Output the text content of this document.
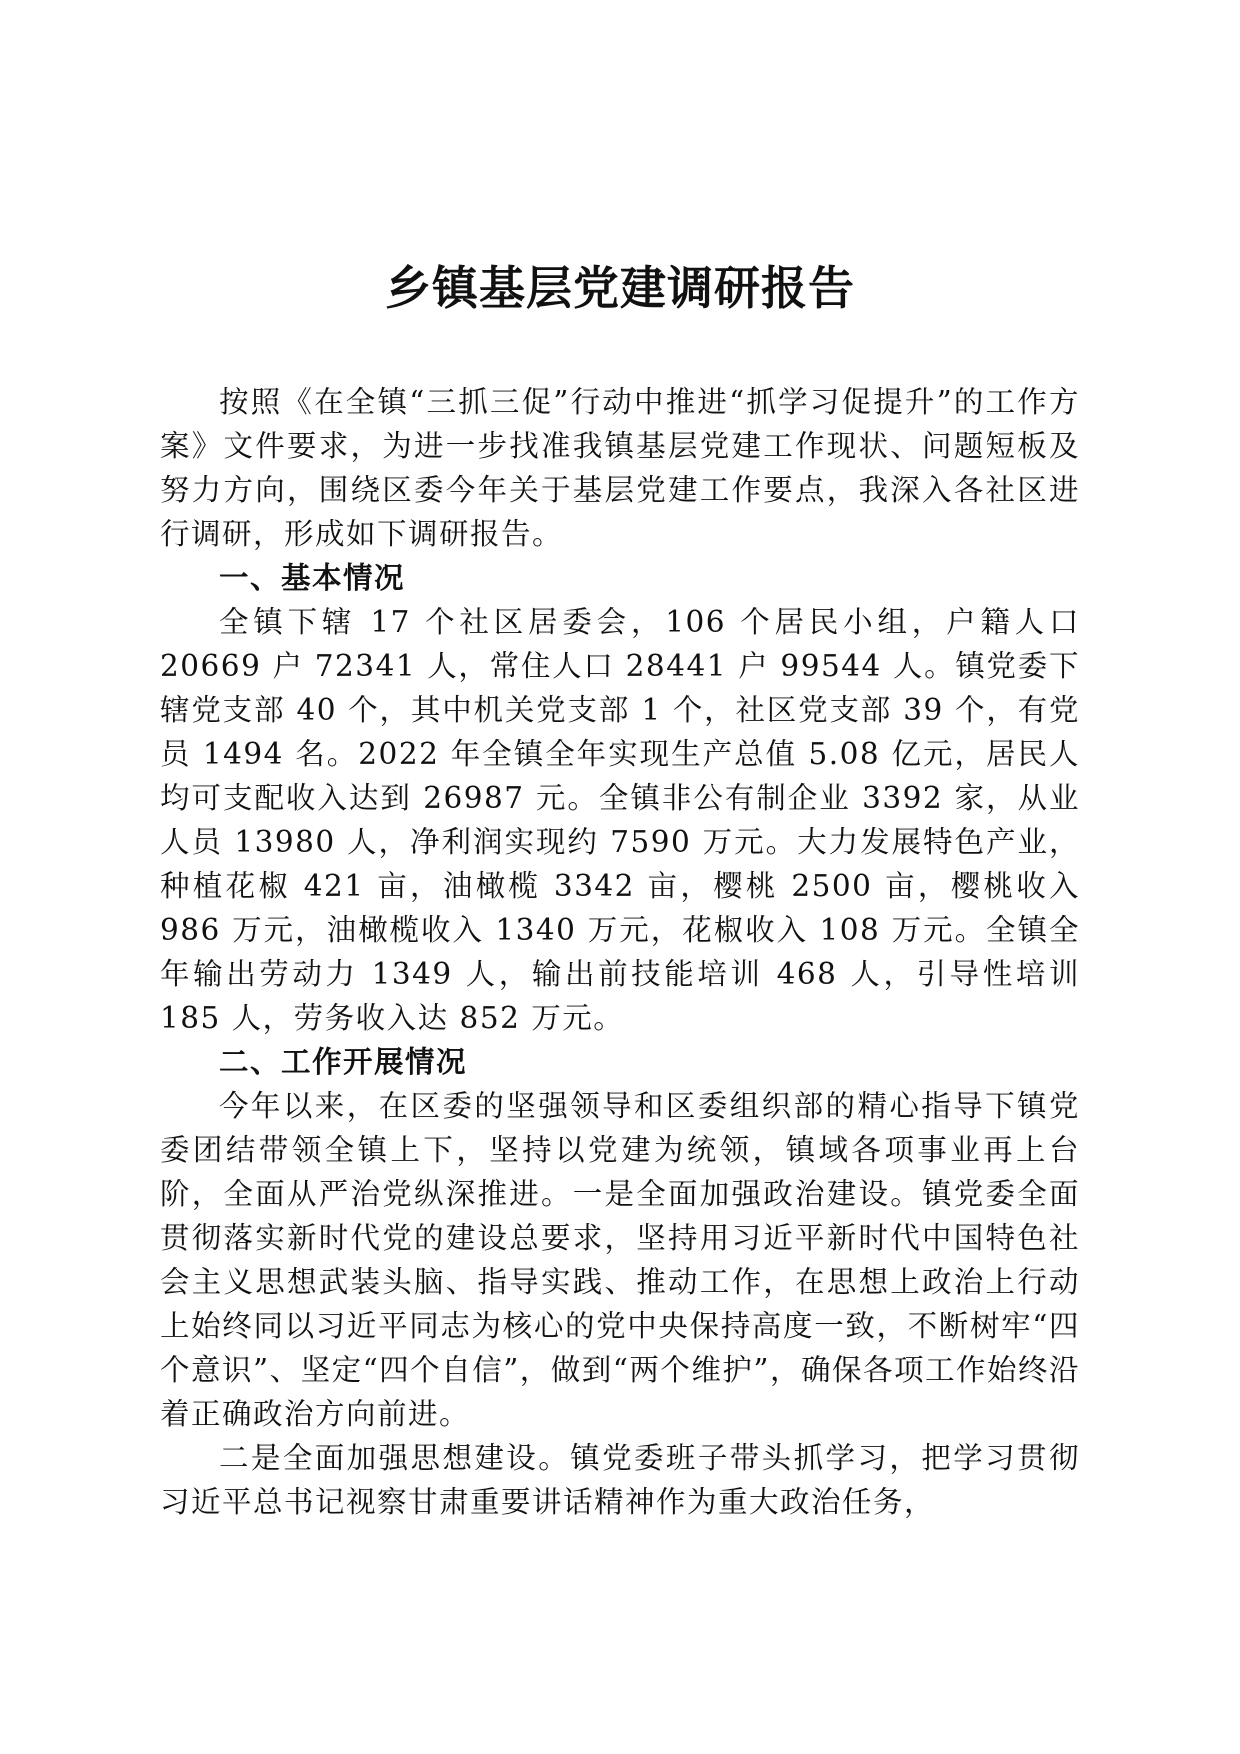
乡镇基层党建调研报告

按照《在全镇“三抓三促”行动中推进“抓学习促提升”的工作方案》文件要求，为进一步找准我镇基层党建工作现状、问题短板及努力方向，围绕区委今年关于基层党建工作要点，我深入各社区进行调研，形成如下调研报告。

一、基本情况

全镇下辖 17 个社区居委会，106 个居民小组，户籍人口 20669 户 72341 人，常住人口 28441 户 99544 人。镇党委下辖党支部 40 个，其中机关党支部 1 个，社区党支部 39 个，有党员 1494 名。2022 年全镇全年实现生产总值 5.08 亿元，居民人均可支配收入达到 26987 元。全镇非公有制企业 3392 家，从业人员 13980 人，净利润实现约 7590 万元。大力发展特色产业，种植花椒 421 亩，油橄榄 3342 亩，樱桃 2500 亩，樱桃收入 986 万元，油橄榄收入 1340 万元，花椒收入 108 万元。全镇全年输出劳动力 1349 人，输出前技能培训 468 人，引导性培训 185 人，劳务收入达 852 万元。

二、工作开展情况

今年以来，在区委的坚强领导和区委组织部的精心指导下镇党委团结带领全镇上下，坚持以党建为统领，镇域各项事业再上台阶，全面从严治党纵深推进。一是全面加强政治建设。镇党委全面贯彻落实新时代党的建设总要求，坚持用习近平新时代中国特色社会主义思想武装头脑、指导实践、推动工作，在思想上政治上行动上始终同以习近平同志为核心的党中央保持高度一致，不断树牢“四个意识”、坚定“四个自信”，做到“两个维护”，确保各项工作始终沿着正确政治方向前进。

二是全面加强思想建设。镇党委班子带头抓学习，把学习贯彻习近平总书记视察甘肃重要讲话精神作为重大政治任务，
